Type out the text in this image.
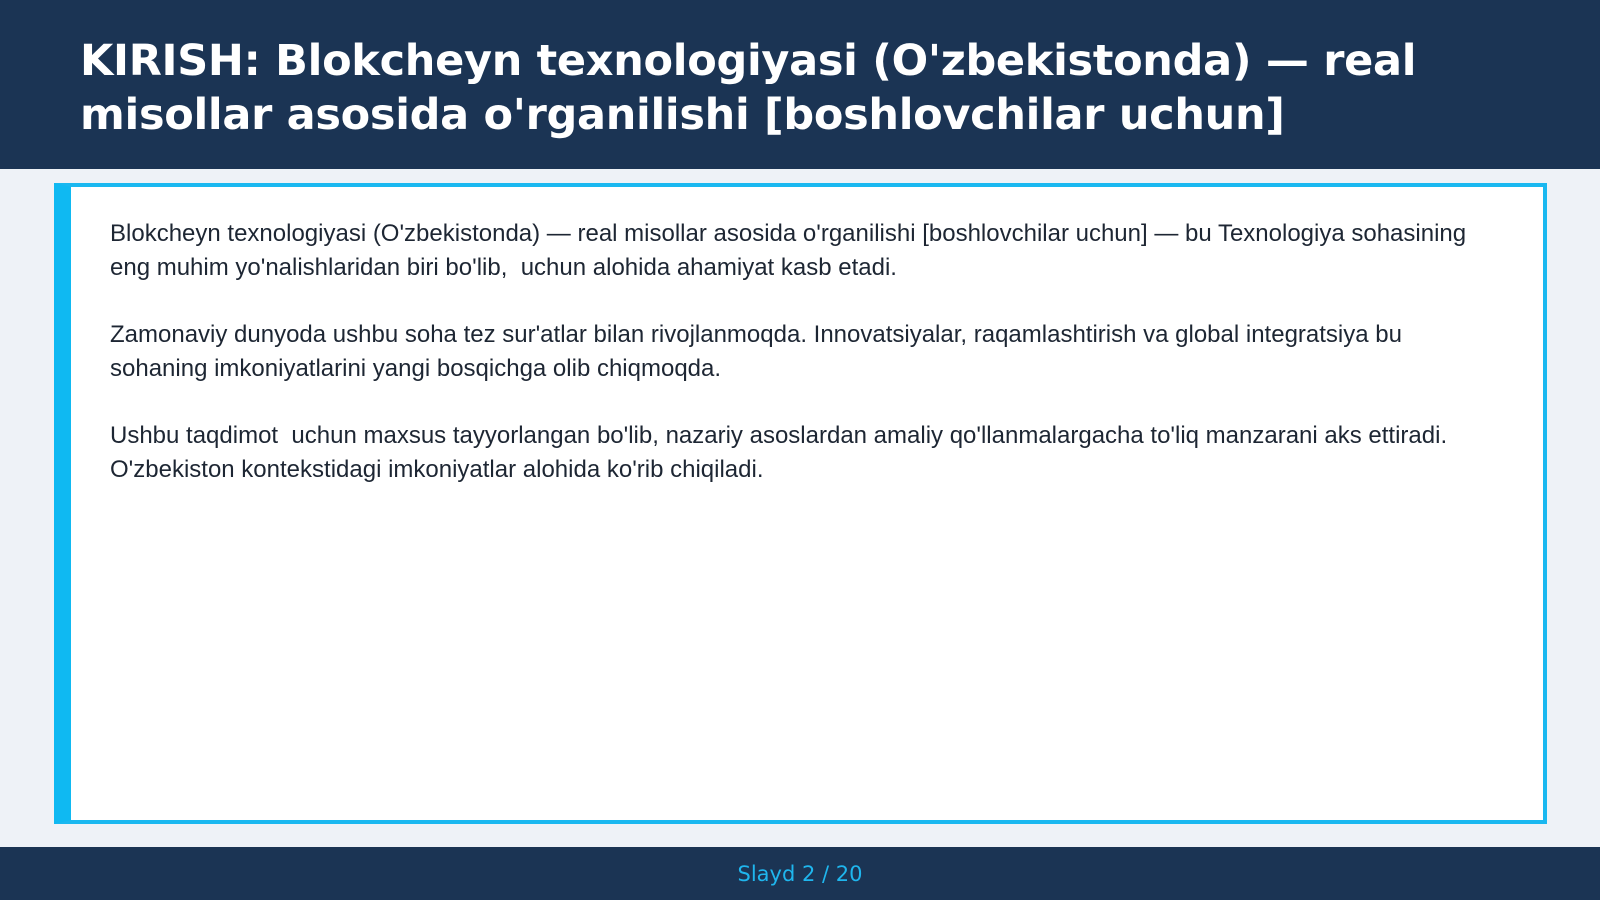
KIRISH: Blokcheyn texnologiyasi (O'zbekistonda) — real misollar asosida o'rganilishi [boshlovchilar uchun]

Blokcheyn texnologiyasi (O'zbekistonda) — real misollar asosida o'rganilishi [boshlovchilar uchun] — bu Texnologiya sohasining eng muhim yo'nalishlaridan biri bo'lib,  uchun alohida ahamiyat kasb etadi.

Zamonaviy dunyoda ushbu soha tez sur'atlar bilan rivojlanmoqda. Innovatsiyalar, raqamlashtirish va global integratsiya bu sohaning imkoniyatlarini yangi bosqichga olib chiqmoqda.

Ushbu taqdimot  uchun maxsus tayyorlangan bo'lib, nazariy asoslardan amaliy qo'llanmalargacha to'liq manzarani aks ettiradi. O'zbekiston kontekstidagi imkoniyatlar alohida ko'rib chiqiladi.

Slayd 2 / 20
